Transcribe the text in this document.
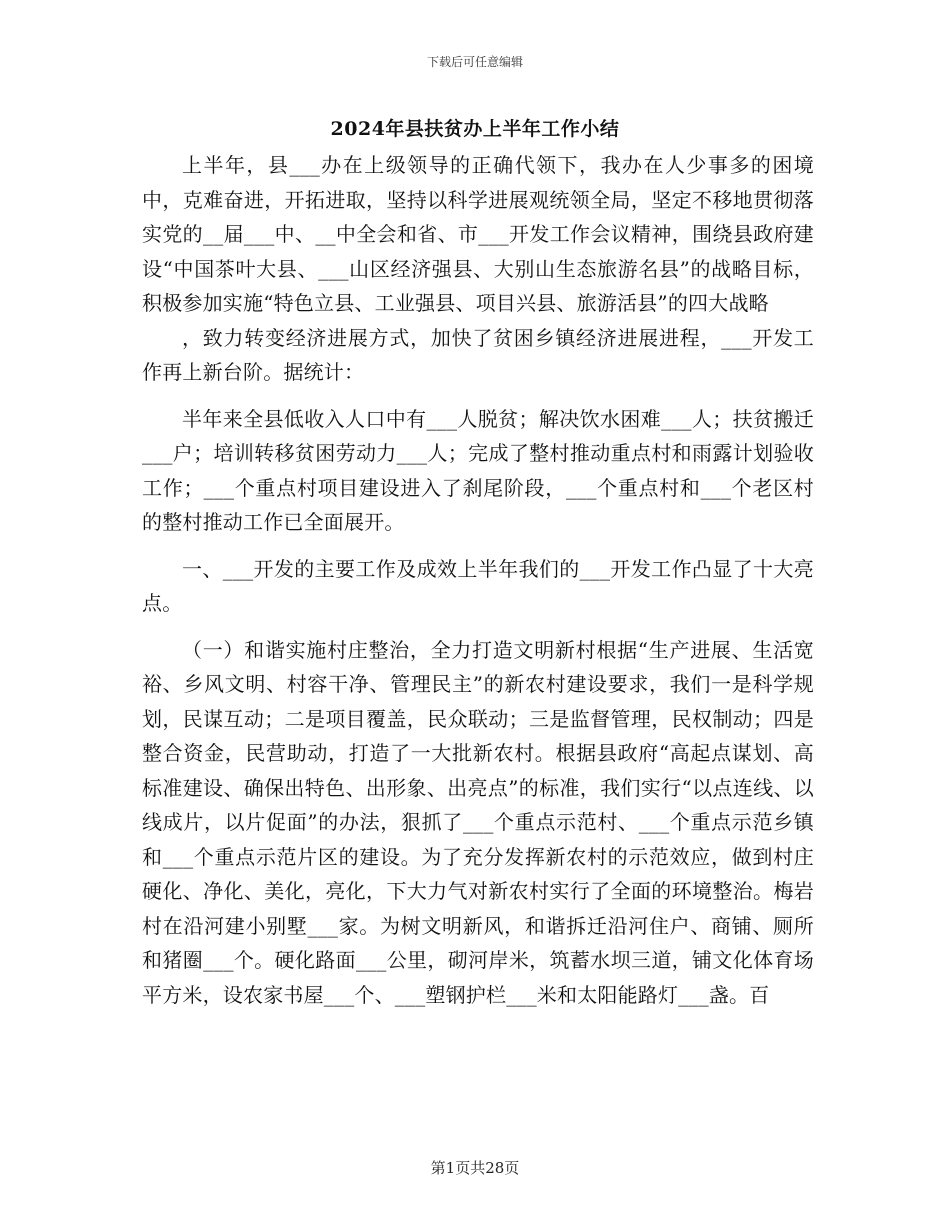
下载后可任意编辑
2024年县扶贫办上半年工作小结

上半年，县___办在上级领导的正确代领下，我办在人少事多的困境中，克难奋进，开拓进取，坚持以科学进展观统领全局，坚定不移地贯彻落实党的__届___中、__中全会和省、市___开发工作会议精神，围绕县政府建设“中国茶叶大县、___山区经济强县、大别山生态旅游名县”的战略目标，积极参加实施“特色立县、工业强县、项目兴县、旅游活县”的四大战略

，致力转变经济进展方式，加快了贫困乡镇经济进展进程，___开发工作再上新台阶。据统计：

半年来全县低收入人口中有___人脱贫；解决饮水困难___人；扶贫搬迁___户；培训转移贫困劳动力___人；完成了整村推动重点村和雨露计划验收工作；___个重点村项目建设进入了刹尾阶段，___个重点村和___个老区村的整村推动工作已全面展开。

一、___开发的主要工作及成效上半年我们的___开发工作凸显了十大亮点。

（一）和谐实施村庄整治，全力打造文明新村根据“生产进展、生活宽裕、乡风文明、村容干净、管理民主”的新农村建设要求，我们一是科学规划，民谋互动；二是项目覆盖，民众联动；三是监督管理，民权制动；四是整合资金，民营助动，打造了一大批新农村。根据县政府“高起点谋划、高标准建设、确保出特色、出形象、出亮点”的标准，我们实行“以点连线、以线成片，以片促面”的办法，狠抓了___个重点示范村、___个重点示范乡镇和___个重点示范片区的建设。为了充分发挥新农村的示范效应，做到村庄硬化、净化、美化，亮化，下大力气对新农村实行了全面的环境整治。梅岩村在沿河建小别墅___家。为树文明新风，和谐拆迁沿河住户、商铺、厕所和猪圈___个。硬化路面___公里，砌河岸米，筑蓄水坝三道，铺文化体育场平方米，设农家书屋___个、___塑钢护栏___米和太阳能路灯___盏。百

第1页共28页
